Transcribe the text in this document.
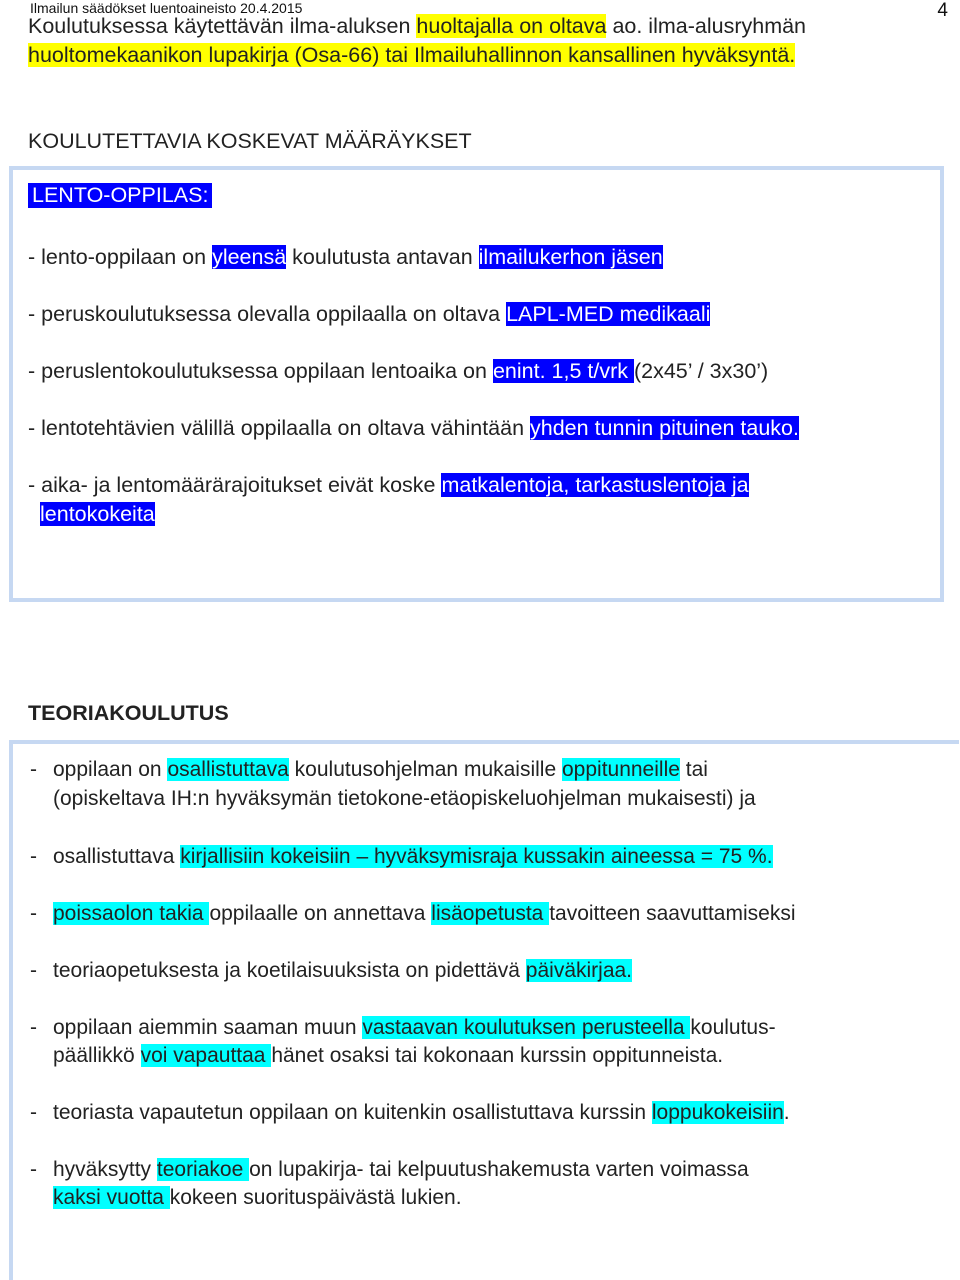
Ilmailun säädökset luentoaineisto 20.4.2015	4
Koulutuksessa käytettävän ilma-aluksen huoltajalla on oltava ao. ilma-alusryhmän
huoltomekaanikon lupakirja (Osa-66) tai Ilmailuhallinnon kansallinen hyväksyntä.
KOULUTETTAVIA KOSKEVAT MÄÄRÄYKSET
LENTO-OPPILAS:
- lento-oppilaan on yleensä koulutusta antavan ilmailukerhon jäsen
- peruskoulutuksessa olevalla oppilaalla on oltava LAPL-MED medikaali
- peruslentokoulutuksessa oppilaan lentoaika on enint. 1,5 t/vrk (2x45’ / 3x30’)
- lentotehtävien välillä oppilaalla on oltava vähintään yhden tunnin pituinen tauko.
- aika- ja lentomäärärajoitukset eivät koske matkalentoja, tarkastuslentoja ja
lentokokeita
TEORIAKOULUTUS
- oppilaan on osallistuttava koulutusohjelman mukaisille oppitunneille tai
(opiskeltava IH:n hyväksymän tietokone-etäopiskeluohjelman mukaisesti) ja
- osallistuttava kirjallisiin kokeisiin – hyväksymisraja kussakin aineessa = 75 %.
- poissaolon takia oppilaalle on annettava lisäopetusta tavoitteen saavuttamiseksi
- teoriaopetuksesta ja koetilaisuuksista on pidettävä päiväkirjaa.
- oppilaan aiemmin saaman muun vastaavan koulutuksen perusteella koulutus-
päällikkö voi vapauttaa hänet osaksi tai kokonaan kurssin oppitunneista.
- teoriasta vapautetun oppilaan on kuitenkin osallistuttava kurssin loppukokeisiin.
- hyväksytty teoriakoe on lupakirja- tai kelpuutushakemusta varten voimassa
kaksi vuotta kokeen suorituspäivästä lukien.
